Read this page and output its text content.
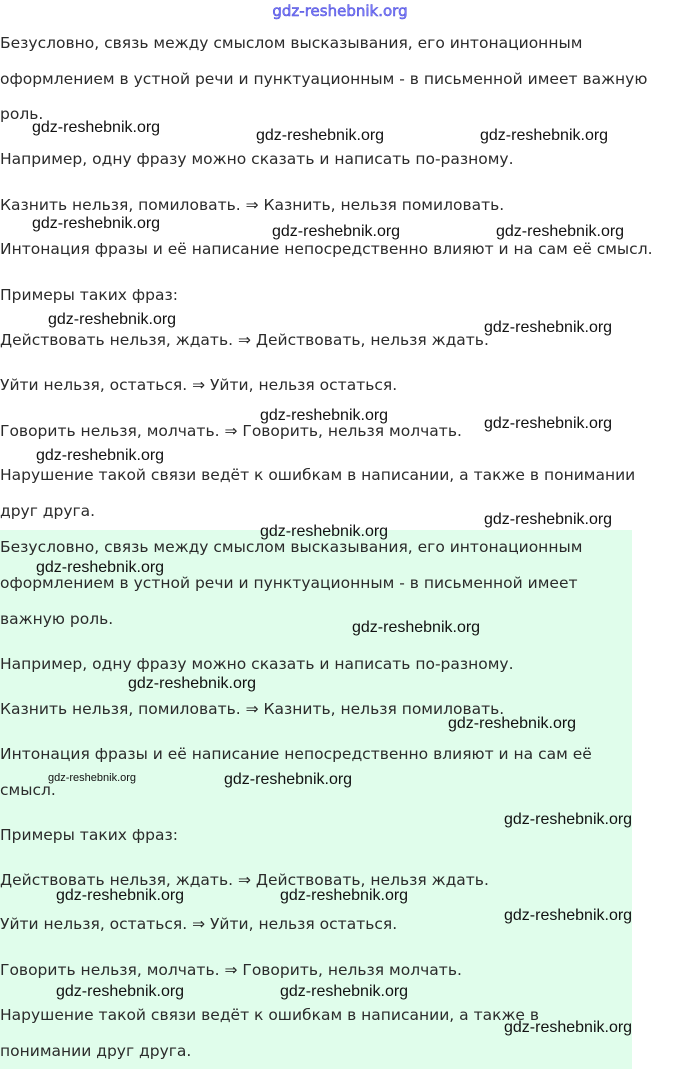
gdz-reshebnik.org

Безусловно, связь между смыслом высказывания, его интонационным

оформлением в устной речи и пунктуационным - в письменной имеет важную

роль.

Например, одну фразу можно сказать и написать по-разному.

Казнить нельзя, помиловать. ⇒ Казнить, нельзя помиловать.

Интонация фразы и её написание непосредственно влияют и на сам её смысл.

Примеры таких фраз:

Действовать нельзя, ждать. ⇒ Действовать, нельзя ждать.

Уйти нельзя, остаться. ⇒ Уйти, нельзя остаться.

Говорить нельзя, молчать. ⇒ Говорить, нельзя молчать.

Нарушение такой связи ведёт к ошибкам в написании, а также в понимании

друг друга.

Безусловно, связь между смыслом высказывания, его интонационным

оформлением в устной речи и пунктуационным - в письменной имеет

важную роль.

Например, одну фразу можно сказать и написать по-разному.

Казнить нельзя, помиловать. ⇒ Казнить, нельзя помиловать.

Интонация фразы и её написание непосредственно влияют и на сам её

смысл.

Примеры таких фраз:

Действовать нельзя, ждать. ⇒ Действовать, нельзя ждать.

Уйти нельзя, остаться. ⇒ Уйти, нельзя остаться.

Говорить нельзя, молчать. ⇒ Говорить, нельзя молчать.

Нарушение такой связи ведёт к ошибкам в написании, а также в

понимании друг друга.

gdz-reshebnik.org	gdz-reshebnik.org	gdz-reshebnik.org
gdz-reshebnik.org	gdz-reshebnik.org	gdz-reshebnik.org
gdz-reshebnik.org	gdz-reshebnik.org
gdz-reshebnik.org	gdz-reshebnik.org
gdz-reshebnik.org
gdz-reshebnik.org
gdz-reshebnik.org
gdz-reshebnik.org
gdz-reshebnik.org
gdz-reshebnik.org
gdz-reshebnik.org
gdz-reshebnik.org	gdz-reshebnik.org
gdz-reshebnik.org
gdz-reshebnik.org	gdz-reshebnik.org
gdz-reshebnik.org
gdz-reshebnik.org	gdz-reshebnik.org
gdz-reshebnik.org
